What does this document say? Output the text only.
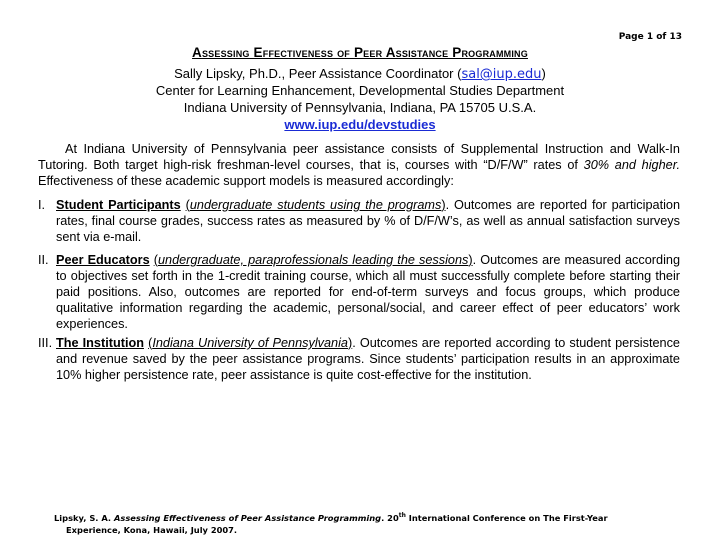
Page 1 of 13
Assessing Effectiveness of Peer Assistance Programming
Sally Lipsky, Ph.D., Peer Assistance Coordinator (sal@iup.edu)
Center for Learning Enhancement, Developmental Studies Department
Indiana University of Pennsylvania, Indiana, PA 15705 U.S.A.
www.iup.edu/devstudies
At Indiana University of Pennsylvania peer assistance consists of Supplemental Instruction and Walk-In Tutoring. Both target high-risk freshman-level courses, that is, courses with “D/F/W” rates of 30% and higher. Effectiveness of these academic support models is measured accordingly:
I. Student Participants (undergraduate students using the programs). Outcomes are reported for participation rates, final course grades, success rates as measured by % of D/F/W’s, as well as annual satisfaction surveys sent via e-mail.
II. Peer Educators (undergraduate, paraprofessionals leading the sessions). Outcomes are measured according to objectives set forth in the 1-credit training course, which all must successfully complete before starting their paid positions. Also, outcomes are reported for end-of-term surveys and focus groups, which produce qualitative information regarding the academic, personal/social, and career effect of peer educators’ work experiences.
III. The Institution (Indiana University of Pennsylvania). Outcomes are reported according to student persistence and revenue saved by the peer assistance programs. Since students’ participation results in an approximate 10% higher persistence rate, peer assistance is quite cost-effective for the institution.
Lipsky, S. A. Assessing Effectiveness of Peer Assistance Programming. 20th International Conference on The First-Year
Experience, Kona, Hawaii, July 2007.
